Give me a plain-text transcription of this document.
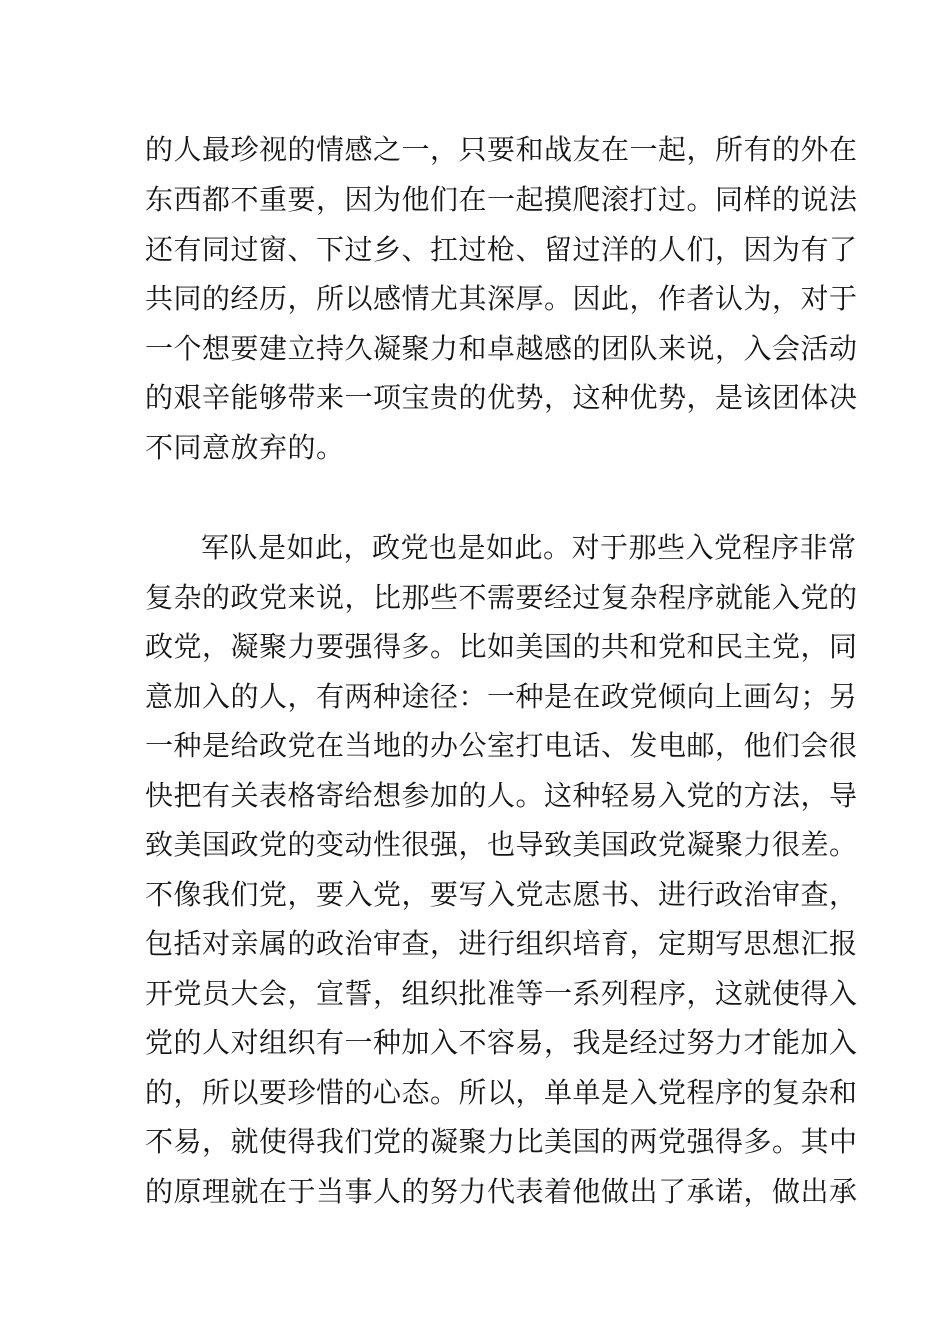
的人最珍视的情感之一，只要和战友在一起，所有的外在
东西都不重要，因为他们在一起摸爬滚打过。同样的说法
还有同过窗、下过乡、扛过枪、留过洋的人们，因为有了
共同的经历，所以感情尤其深厚。因此，作者认为，对于
一个想要建立持久凝聚力和卓越感的团队来说，入会活动
的艰辛能够带来一项宝贵的优势，这种优势，是该团体决
不同意放弃的。
军队是如此，政党也是如此。对于那些入党程序非常
复杂的政党来说，比那些不需要经过复杂程序就能入党的
政党，凝聚力要强得多。比如美国的共和党和民主党，同
意加入的人，有两种途径：一种是在政党倾向上画勾；另
一种是给政党在当地的办公室打电话、发电邮，他们会很
快把有关表格寄给想参加的人。这种轻易入党的方法，导
致美国政党的变动性很强，也导致美国政党凝聚力很差。
不像我们党，要入党，要写入党志愿书、进行政治审查，
包括对亲属的政治审查，进行组织培育，定期写思想汇报
开党员大会，宣誓，组织批准等一系列程序，这就使得入
党的人对组织有一种加入不容易，我是经过努力才能加入
的，所以要珍惜的心态。所以，单单是入党程序的复杂和
不易，就使得我们党的凝聚力比美国的两党强得多。其中
的原理就在于当事人的努力代表着他做出了承诺，做出承
